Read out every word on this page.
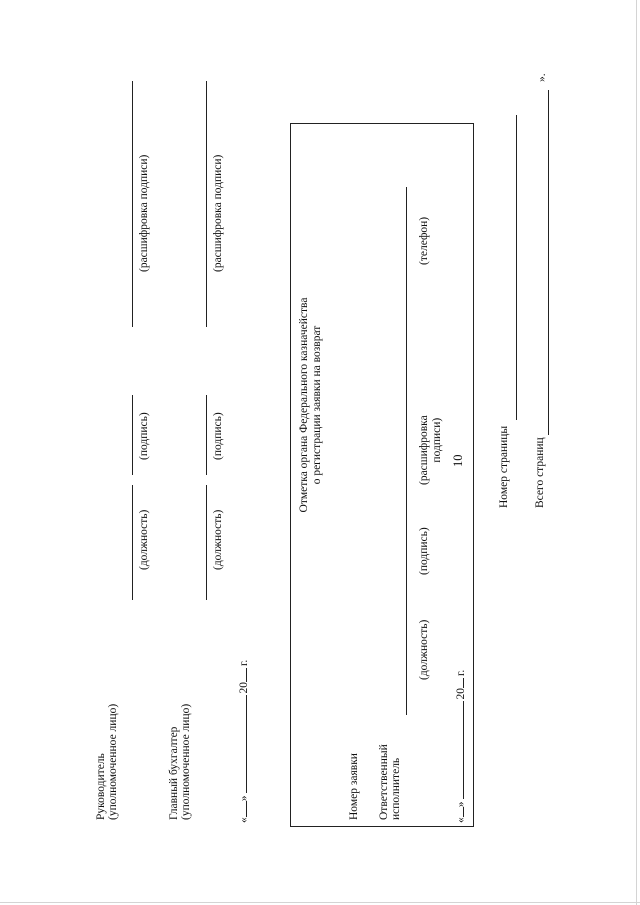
10
Руководитель (уполномоченное лицо)
(должность)
(подпись)
(расшифровка подписи)
Главный бухгалтер (уполномоченное лицо)
(должность)
(подпись)
(расшифровка подписи)
«»20г.
Отметка органа Федерального казначейства о регистрации заявки на возврат
Номер заявки Ответственный исполнитель
(должность)
(подпись)
(расшифровка подписи)
(телефон)
«»20г.
Номер страницы Всего страниц
».
